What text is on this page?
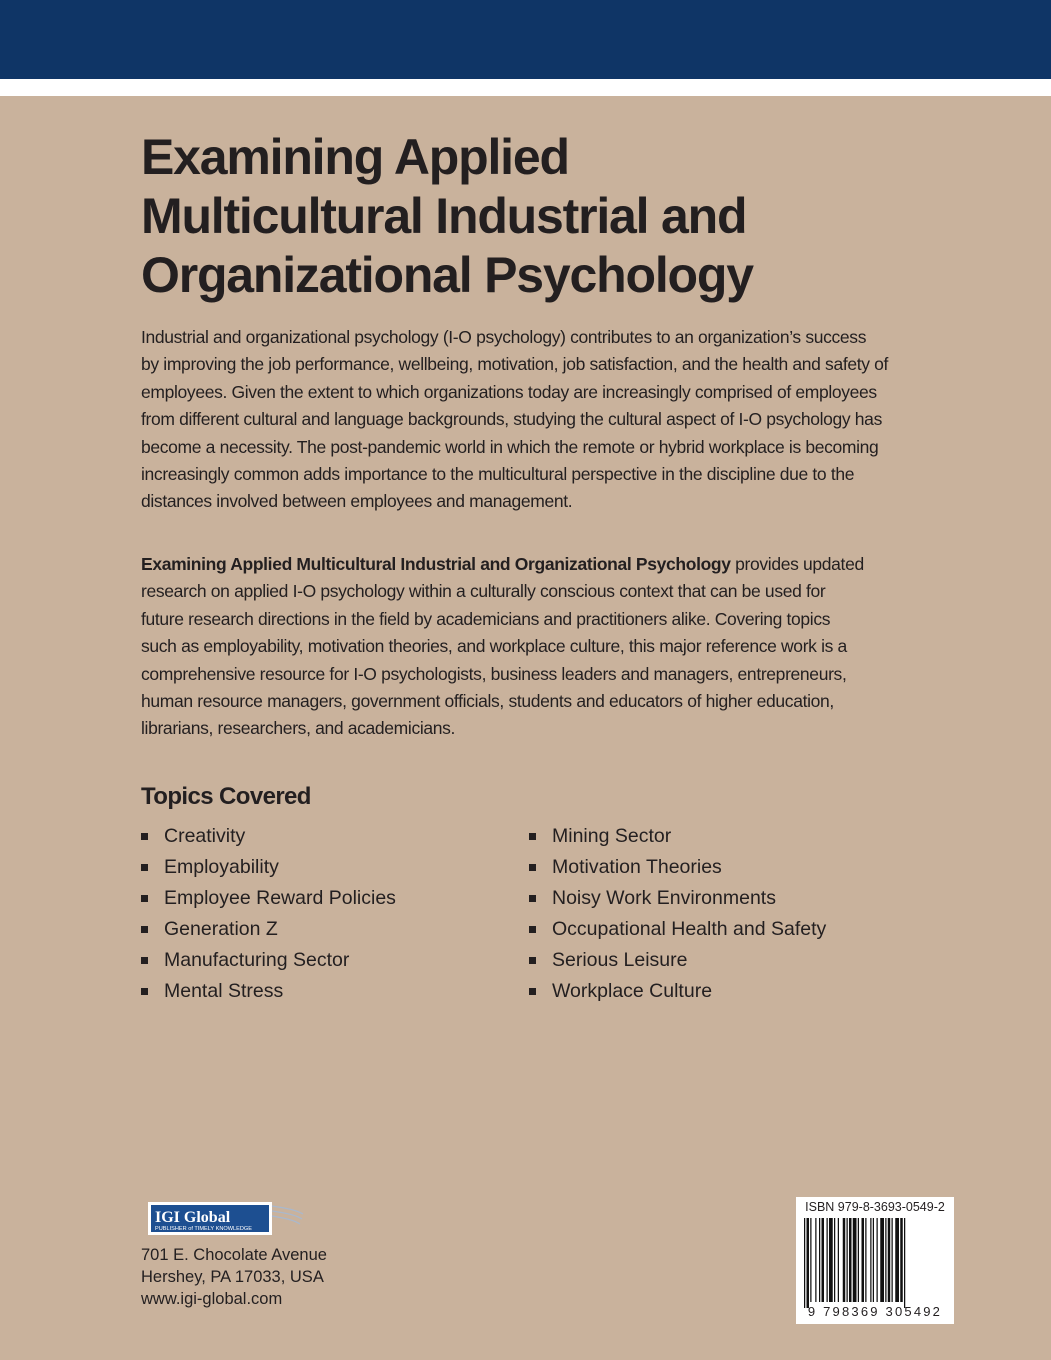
Examining Applied
Multicultural Industrial and
Organizational Psychology

Industrial and organizational psychology (I-O psychology) contributes to an organization’s success
by improving the job performance, wellbeing, motivation, job satisfaction, and the health and safety of
employees. Given the extent to which organizations today are increasingly comprised of employees
from different cultural and language backgrounds, studying the cultural aspect of I-O psychology has
become a necessity. The post-pandemic world in which the remote or hybrid workplace is becoming
increasingly common adds importance to the multicultural perspective in the discipline due to the
distances involved between employees and management.

Examining Applied Multicultural Industrial and Organizational Psychology provides updated
research on applied I-O psychology within a culturally conscious context that can be used for
future research directions in the field by academicians and practitioners alike. Covering topics
such as employability, motivation theories, and workplace culture, this major reference work is a
comprehensive resource for I-O psychologists, business leaders and managers, entrepreneurs,
human resource managers, government officials, students and educators of higher education,
librarians, researchers, and academicians.

Topics Covered
Creativity
Employability
Employee Reward Policies
Generation Z
Manufacturing Sector
Mental Stress
Mining Sector
Motivation Theories
Noisy Work Environments
Occupational Health and Safety
Serious Leisure
Workplace Culture
IGI Global
PUBLISHER of TIMELY KNOWLEDGE
701 E. Chocolate Avenue
Hershey, PA 17033, USA
www.igi-global.com
ISBN 979-8-3693-0549-2
9 798369 305492
